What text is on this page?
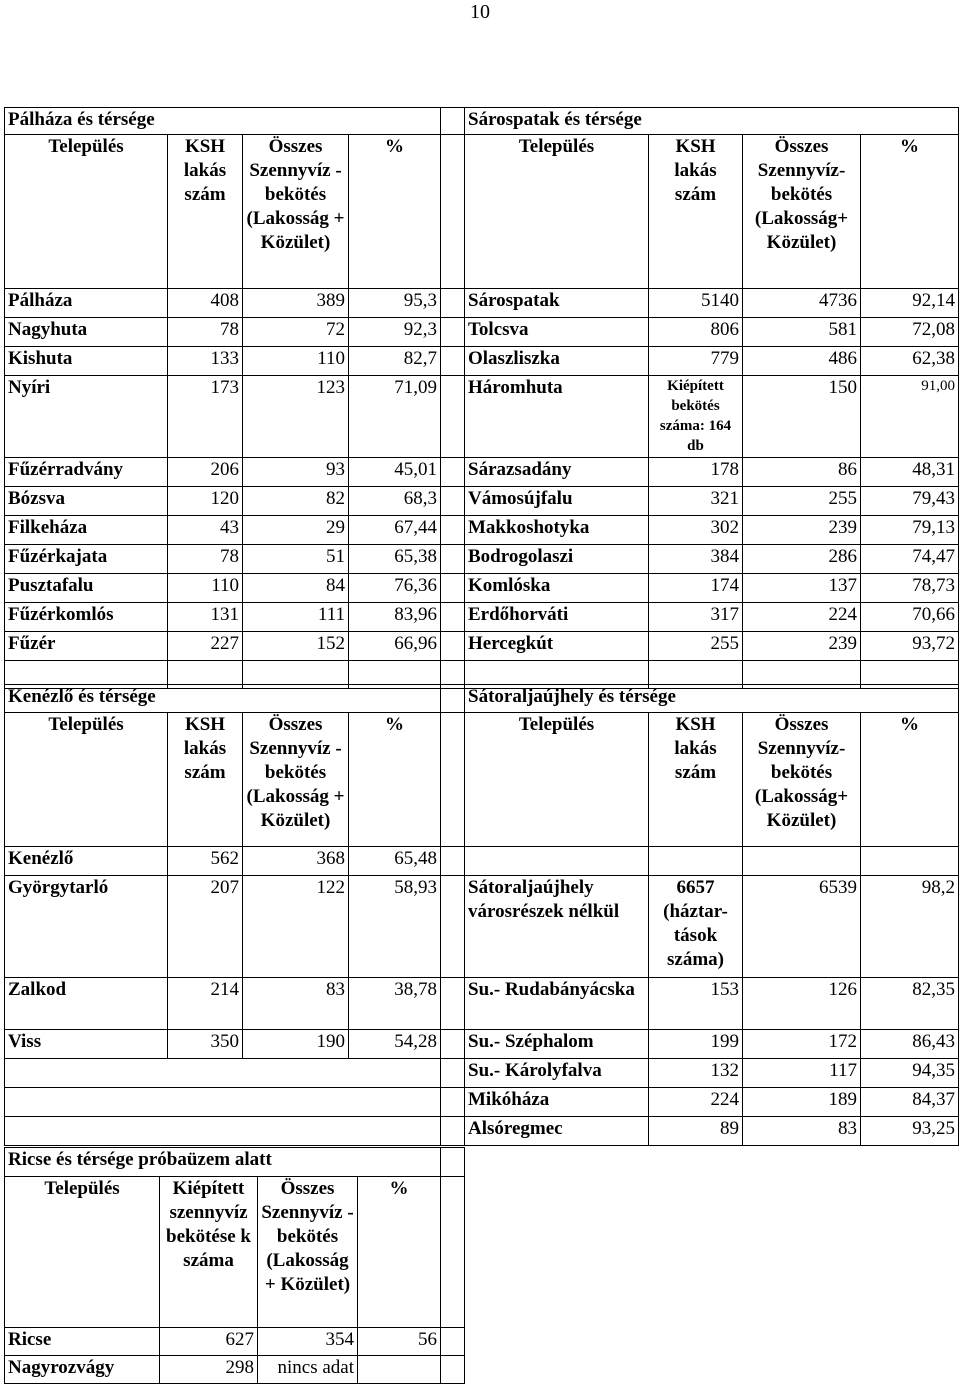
10
Pálháza és térsége				
Település	KSH lakás szám	Összes Szennyvíz - bekötés (Lakosság + Közület)	%	
Pálháza	408	389	95,3	
Nagyhuta	78	72	92,3	
Kishuta	133	110	82,7	
Nyíri	173	123	71,09	
Fűzérradvány	206	93	45,01	
Bózsva	120	82	68,3	
Filkeháza	43	29	67,44	
Fűzérkajata	78	51	65,38	
Pusztafalu	110	84	76,36	
Fűzérkomlós	131	111	83,96	
Fűzér	227	152	66,96	

Sárospatak és térsége			
Település	KSH lakás szám	Összes Szennyvíz-bekötés (Lakosság+ Közület)	%
Sárospatak	5140	4736	92,14
Tolcsva	806	581	72,08
Olaszliszka	779	486	62,38
Háromhuta	Kiépített bekötés száma: 164 db	150	91,00
Sárazsadány	178	86	48,31
Vámosújfalu	321	255	79,43
Makkoshotyka	302	239	79,13
Bodrogolaszi	384	286	74,47
Komlóska	174	137	78,73
Erdőhorváti	317	224	70,66
Hercegkút	255	239	93,72

Kenézlő és térsége				
Település	KSH lakás szám	Összes Szennyvíz - bekötés (Lakosság + Közület)	%	
Kenézlő	562	368	65,48	
Györgytarló	207	122	58,93	
Zalkod	214	83	38,78	
Viss	350	190	54,28	

Sátoraljaújhely és térsége			
Település	KSH lakás szám	Összes Szennyvíz-bekötés (Lakosság+ Közület)	%

Sátoraljaújhely városrészek nélkül	6657 (háztar-tások száma)	6539	98,2
Su.- Rudabányácska	153	126	82,35
Su.- Széphalom	199	172	86,43
Su.- Károlyfalva	132	117	94,35
Mikóháza	224	189	84,37
Alsóregmec	89	83	93,25
Ricse és térsége próbaüzem alatt				
Település	Kiépített szennyvíz bekötése k száma	Összes Szennyvíz - bekötés (Lakosság + Közület)	%	
Ricse	627	354	56	
Nagyrozvágy	298	nincs adat		
